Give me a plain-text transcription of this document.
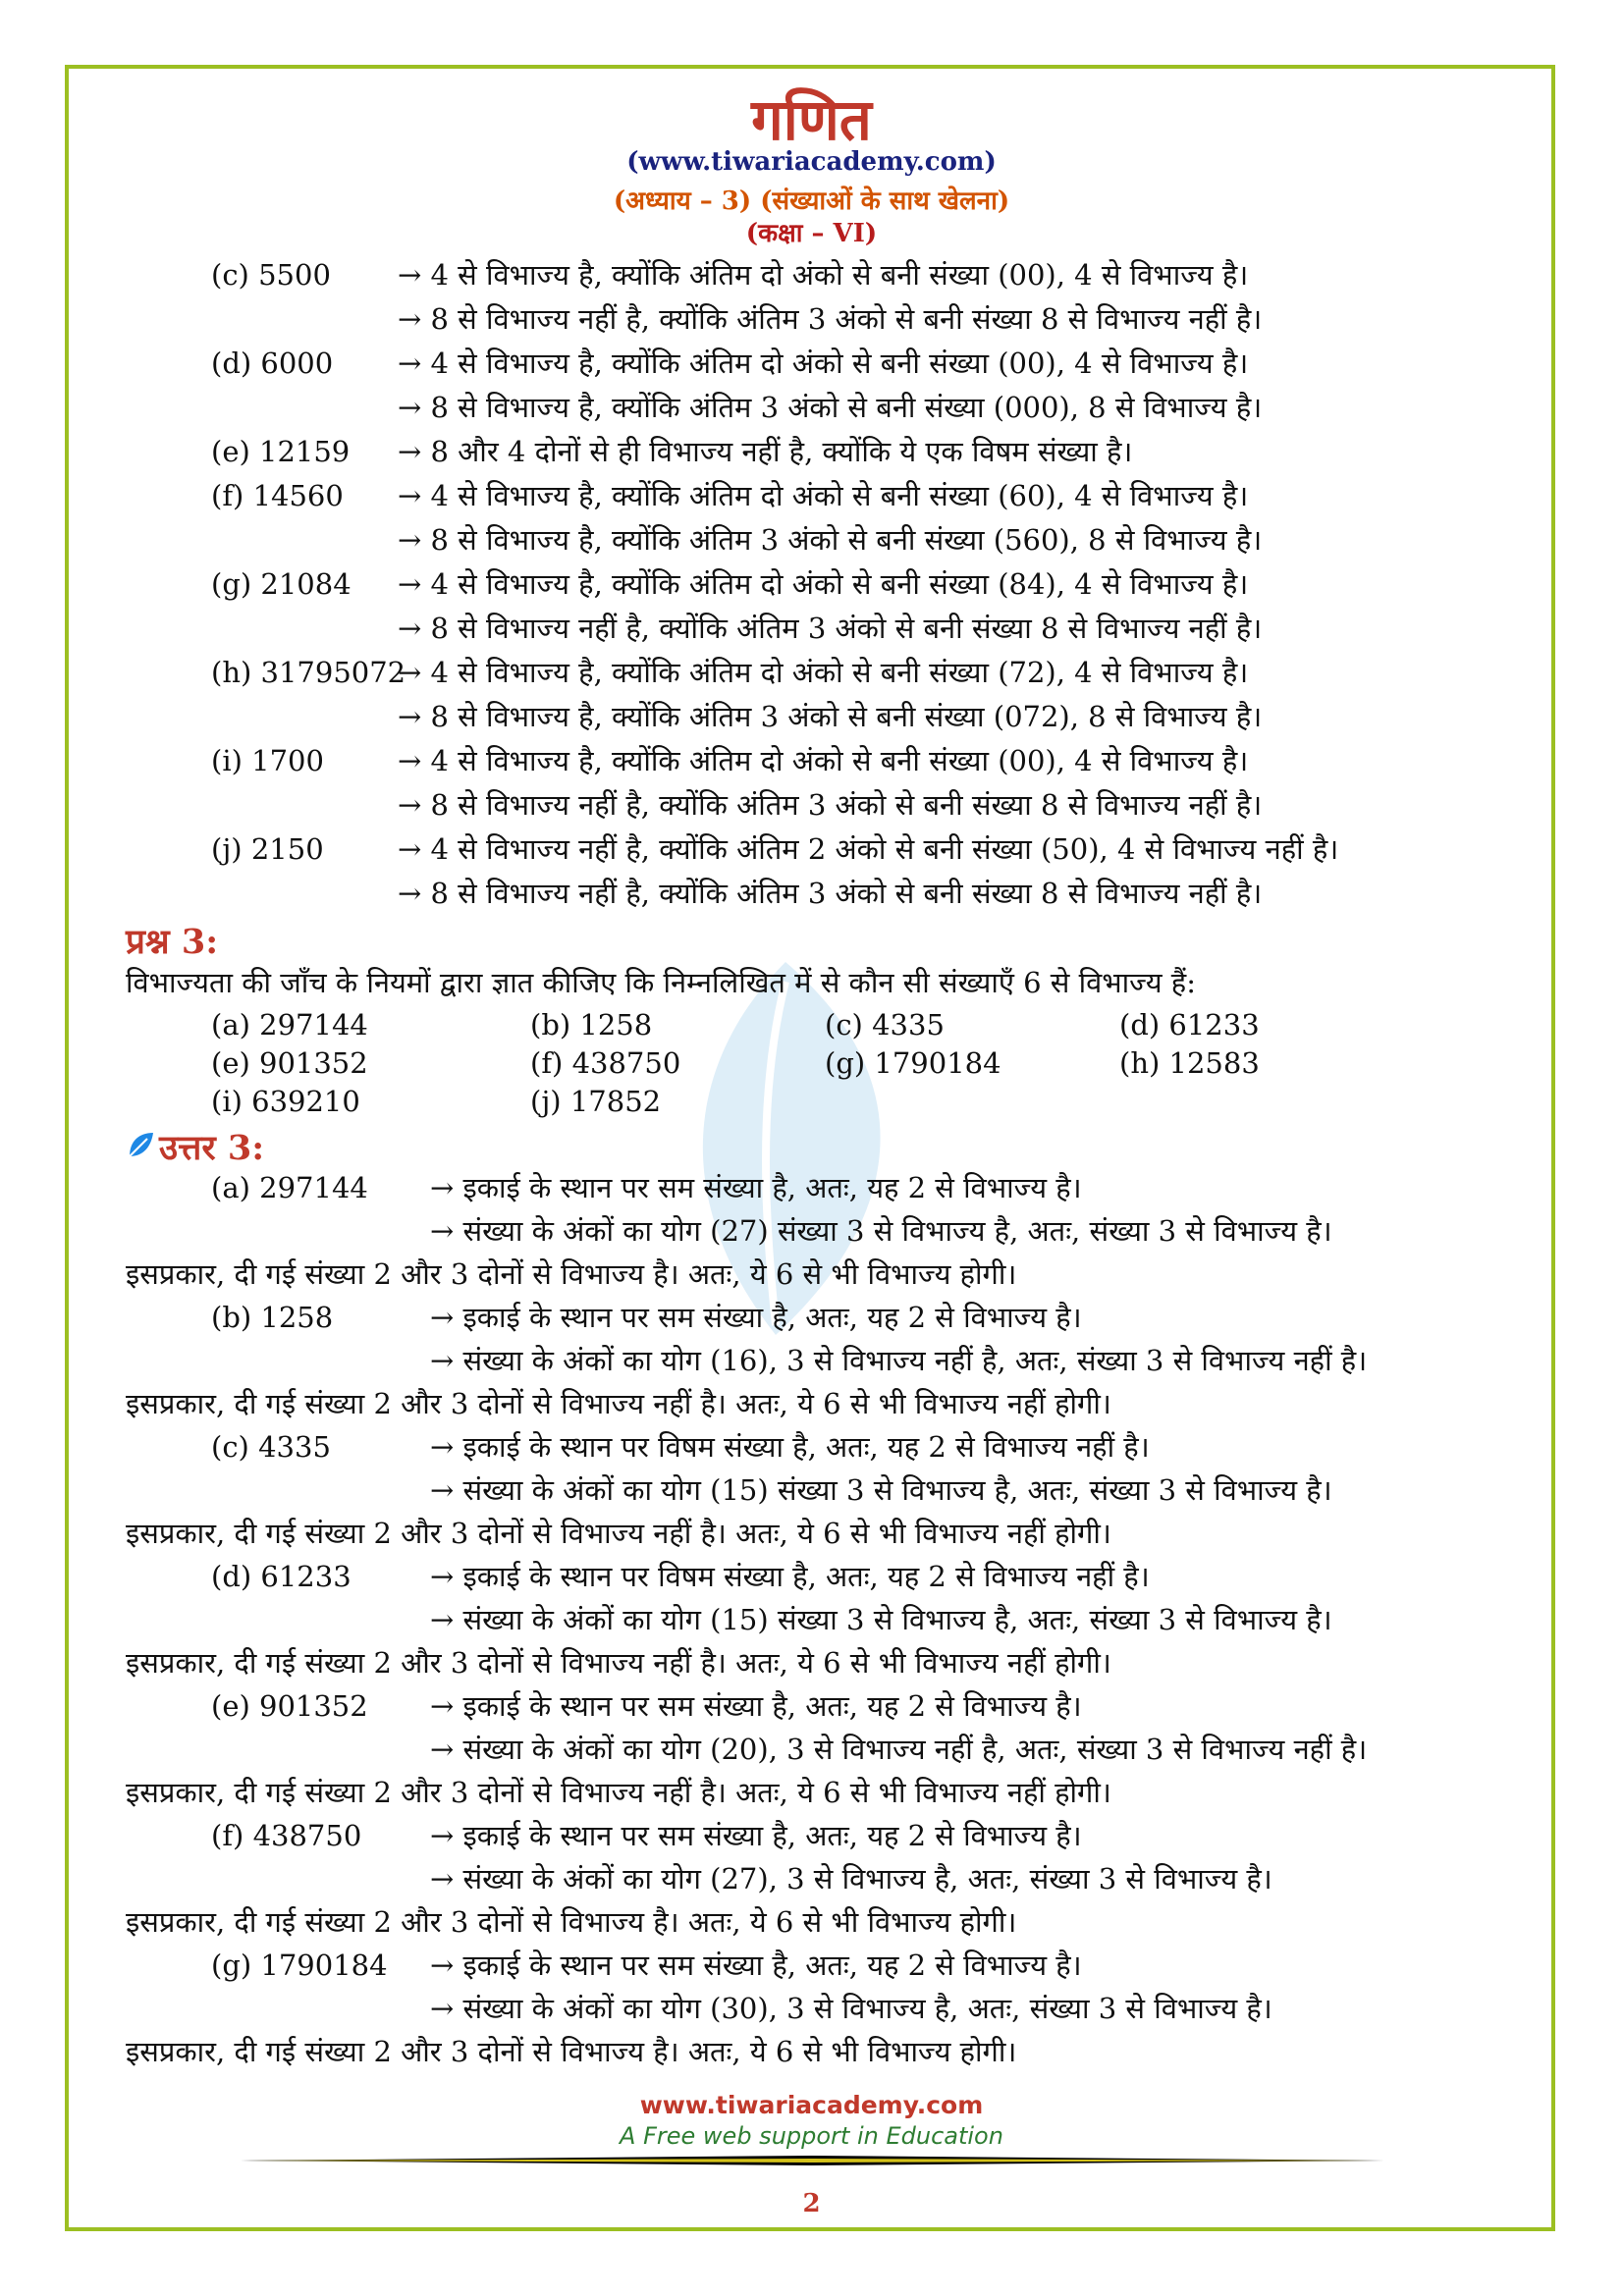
गणित
(www.tiwariacademy.com)
(अध्याय – 3) (संख्याओं के साथ खेलना)
(कक्षा – VI)
(c) 5500 → 4 से विभाज्य है, क्योंकि अंतिम दो अंको से बनी संख्या (00), 4 से विभाज्य है।
→ 8 से विभाज्य नहीं है, क्योंकि अंतिम 3 अंको से बनी संख्या 8 से विभाज्य नहीं है।
(d) 6000 → 4 से विभाज्य है, क्योंकि अंतिम दो अंको से बनी संख्या (00), 4 से विभाज्य है।
→ 8 से विभाज्य है, क्योंकि अंतिम 3 अंको से बनी संख्या (000), 8 से विभाज्य है।
(e) 12159 → 8 और 4 दोनों से ही विभाज्य नहीं है, क्योंकि ये एक विषम संख्या है।
(f) 14560 → 4 से विभाज्य है, क्योंकि अंतिम दो अंको से बनी संख्या (60), 4 से विभाज्य है।
→ 8 से विभाज्य है, क्योंकि अंतिम 3 अंको से बनी संख्या (560), 8 से विभाज्य है।
(g) 21084 → 4 से विभाज्य है, क्योंकि अंतिम दो अंको से बनी संख्या (84), 4 से विभाज्य है।
→ 8 से विभाज्य नहीं है, क्योंकि अंतिम 3 अंको से बनी संख्या 8 से विभाज्य नहीं है।
(h) 31795072
→ 4 से विभाज्य है, क्योंकि अंतिम दो अंको से बनी संख्या (72), 4 से विभाज्य है।
→ 8 से विभाज्य है, क्योंकि अंतिम 3 अंको से बनी संख्या (072), 8 से विभाज्य है।
(i) 1700	→ 4 से विभाज्य है, क्योंकि अंतिम दो अंको से बनी संख्या (00), 4 से विभाज्य है।
→ 8 से विभाज्य नहीं है, क्योंकि अंतिम 3 अंको से बनी संख्या 8 से विभाज्य नहीं है।
(j) 2150	→ 4 से विभाज्य नहीं है, क्योंकि अंतिम 2 अंको से बनी संख्या (50), 4 से विभाज्य नहीं है।
→ 8 से विभाज्य नहीं है, क्योंकि अंतिम 3 अंको से बनी संख्या 8 से विभाज्य नहीं है।
प्रश्न 3:
विभाज्यता की जाँच के नियमों द्वारा ज्ञात कीजिए कि निम्नलिखित में से कौन सी संख्याएँ 6 से विभाज्य हैं:
(a) 297144	(b) 1258	(c) 4335	(d) 61233
(e) 901352	(f) 438750	(g) 1790184	(h) 12583
(i) 639210	(j) 17852
उत्तर 3:
(a) 297144 → इकाई के स्थान पर सम संख्या है, अतः, यह 2 से विभाज्य है।
→ संख्या के अंकों का योग (27) संख्या 3 से विभाज्य है, अतः, संख्या 3 से विभाज्य है।
इसप्रकार, दी गई संख्या 2 और 3 दोनों से विभाज्य है। अतः, ये 6 से भी विभाज्य होगी।
(b) 1258	→ इकाई के स्थान पर सम संख्या है, अतः, यह 2 से विभाज्य है।
→ संख्या के अंकों का योग (16), 3 से विभाज्य नहीं है, अतः, संख्या 3 से विभाज्य नहीं है।
इसप्रकार, दी गई संख्या 2 और 3 दोनों से विभाज्य नहीं है। अतः, ये 6 से भी विभाज्य नहीं होगी।
(c) 4335	→ इकाई के स्थान पर विषम संख्या है, अतः, यह 2 से विभाज्य नहीं है।
→ संख्या के अंकों का योग (15) संख्या 3 से विभाज्य है, अतः, संख्या 3 से विभाज्य है।
इसप्रकार, दी गई संख्या 2 और 3 दोनों से विभाज्य नहीं है। अतः, ये 6 से भी विभाज्य नहीं होगी।
(d) 61233	→ इकाई के स्थान पर विषम संख्या है, अतः, यह 2 से विभाज्य नहीं है।
→ संख्या के अंकों का योग (15) संख्या 3 से विभाज्य है, अतः, संख्या 3 से विभाज्य है।
इसप्रकार, दी गई संख्या 2 और 3 दोनों से विभाज्य नहीं है। अतः, ये 6 से भी विभाज्य नहीं होगी।
(e) 901352 → इकाई के स्थान पर सम संख्या है, अतः, यह 2 से विभाज्य है।
→ संख्या के अंकों का योग (20), 3 से विभाज्य नहीं है, अतः, संख्या 3 से विभाज्य नहीं है।
इसप्रकार, दी गई संख्या 2 और 3 दोनों से विभाज्य नहीं है। अतः, ये 6 से भी विभाज्य नहीं होगी।
(f) 438750 → इकाई के स्थान पर सम संख्या है, अतः, यह 2 से विभाज्य है।
→ संख्या के अंकों का योग (27), 3 से विभाज्य है, अतः, संख्या 3 से विभाज्य है।
इसप्रकार, दी गई संख्या 2 और 3 दोनों से विभाज्य है। अतः, ये 6 से भी विभाज्य होगी।
(g) 1790184 → इकाई के स्थान पर सम संख्या है, अतः, यह 2 से विभाज्य है।
→ संख्या के अंकों का योग (30), 3 से विभाज्य है, अतः, संख्या 3 से विभाज्य है।
इसप्रकार, दी गई संख्या 2 और 3 दोनों से विभाज्य है। अतः, ये 6 से भी विभाज्य होगी।
www.tiwariacademy.com
A Free web support in Education
2
